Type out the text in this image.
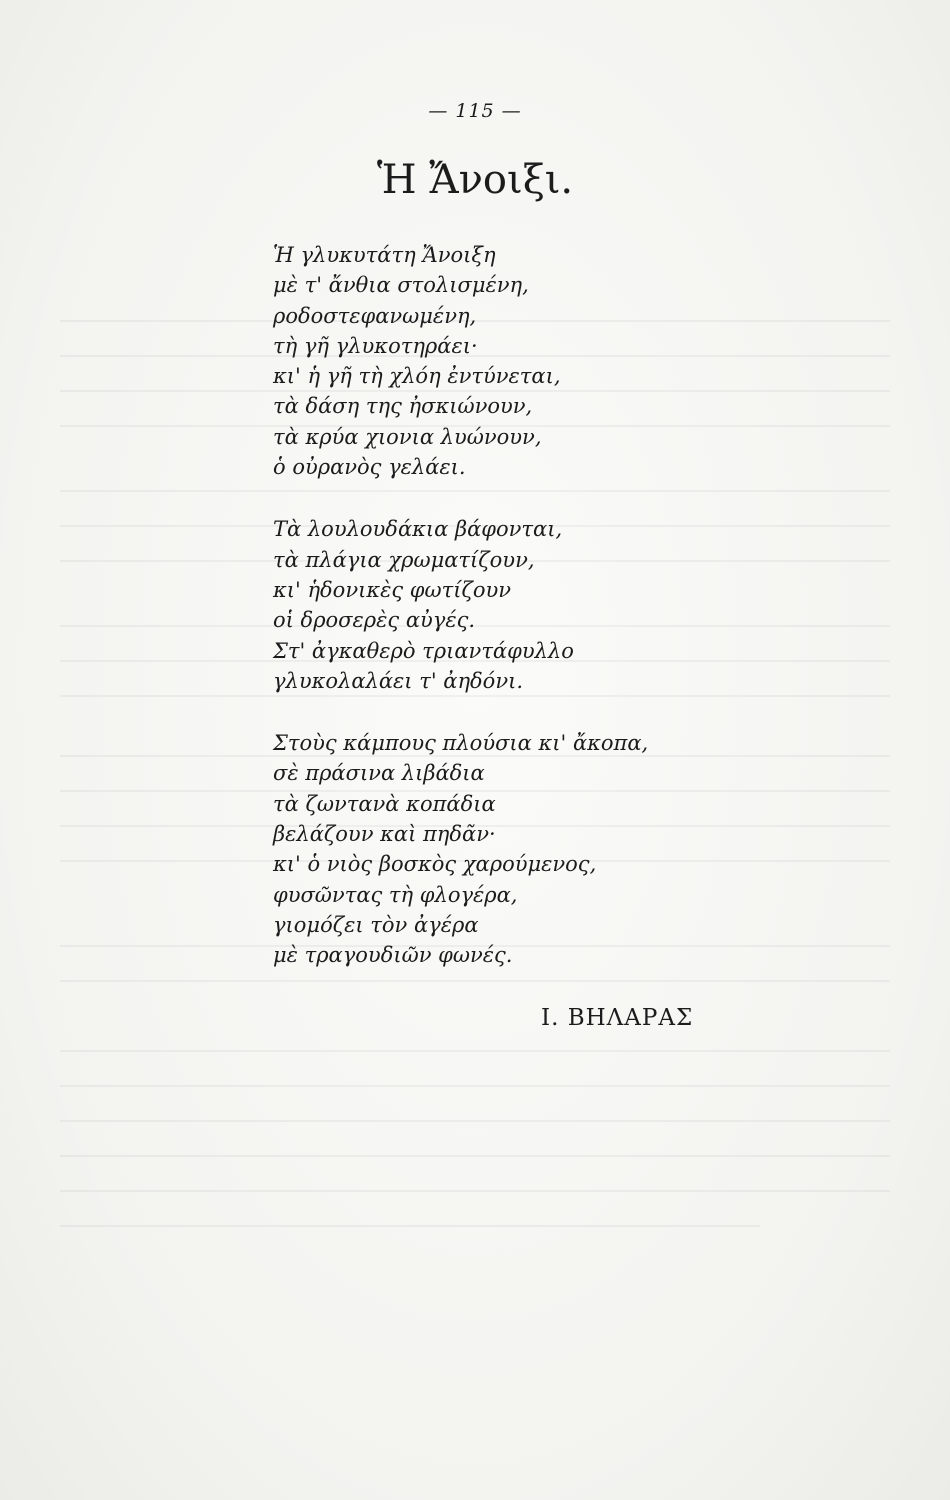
— 115 —
Ἡ Ἄνοιξι.
Ἡ γλυκυτάτη Ἄνοιξη
μὲ τ' ἄνθια στολισμένη,
ροδοστεφανωμένη,
τὴ γῆ γλυκοτηράει·
κι' ἡ γῆ τὴ χλόη ἐντύνεται,
τὰ δάση της ἠσκιώνουν,
τὰ κρύα χιονια λυώνουν,
ὁ οὐρανὸς γελάει.
Τὰ λουλουδάκια βάφονται,
τὰ πλάγια χρωματίζουν,
κι' ἡδονικὲς φωτίζουν
οἱ δροσερὲς αὐγές.
Στ' ἀγκαθερὸ τριαντάφυλλο
γλυκολαλάει τ' ἀηδόνι.
Στοὺς κάμπους πλούσια κι' ἄκοπα,
σὲ πράσινα λιβάδια
τὰ ζωντανὰ κοπάδια
βελάζουν καὶ πηδᾶν·
κι' ὁ νιὸς βοσκὸς χαρούμενος,
φυσῶντας τὴ φλογέρα,
γιομόζει τὸν ἀγέρα
μὲ τραγουδιῶν φωνές.
Ι. ΒΗΛΑΡΑΣ
